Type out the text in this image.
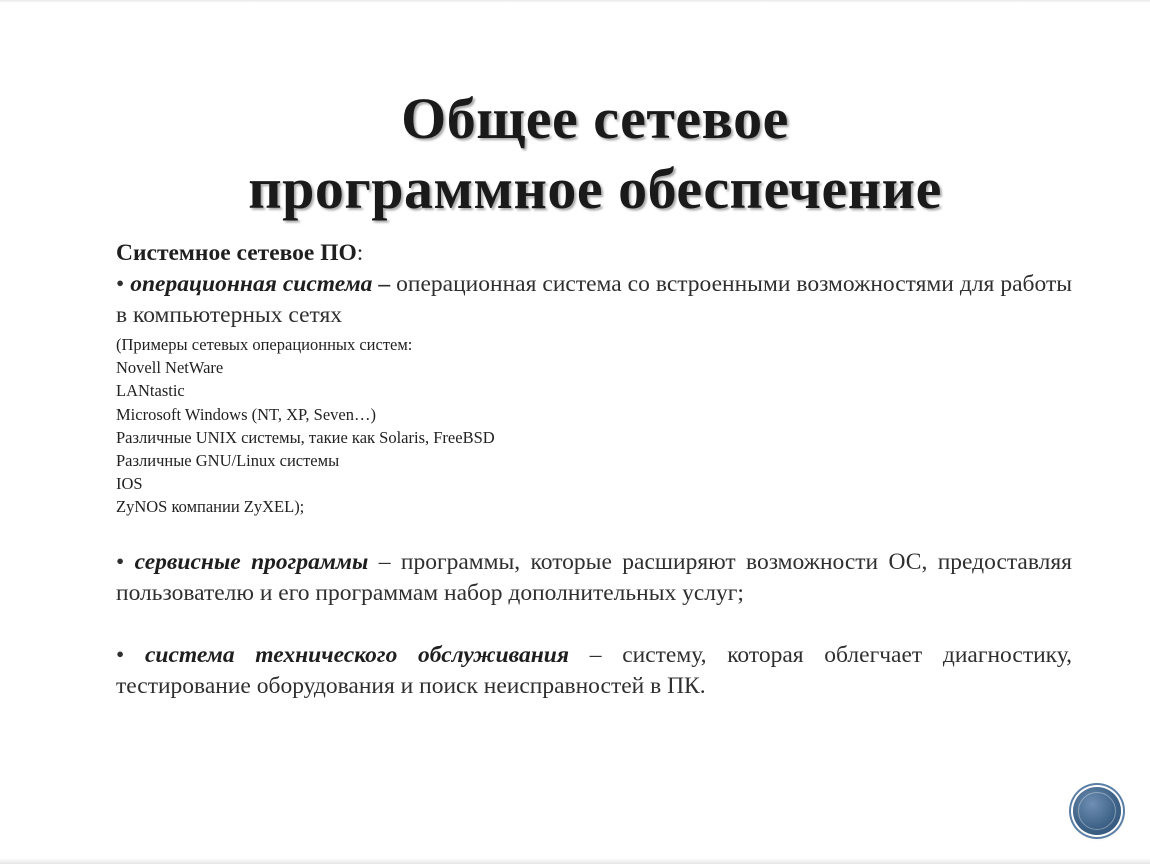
Общее сетевое
программное обеспечение

Системное сетевое ПО:

• операционная система – операционная система со встроенными возможностями для работы в компьютерных сетях

(Примеры сетевых операционных систем:
Novell NetWare
LANtastic
Microsoft Windows (NT, XP, Seven…)
Различные UNIX системы, такие как Solaris, FreeBSD
Различные GNU/Linux системы
IOS
ZyNOS компании ZyXEL);

• сервисные программы – программы, которые расширяют возможности ОС, предоставляя пользователю и его программам набор дополнительных услуг;

• система технического обслуживания – систему, которая облегчает диагностику, тестирование оборудования и поиск неисправностей в ПК.
